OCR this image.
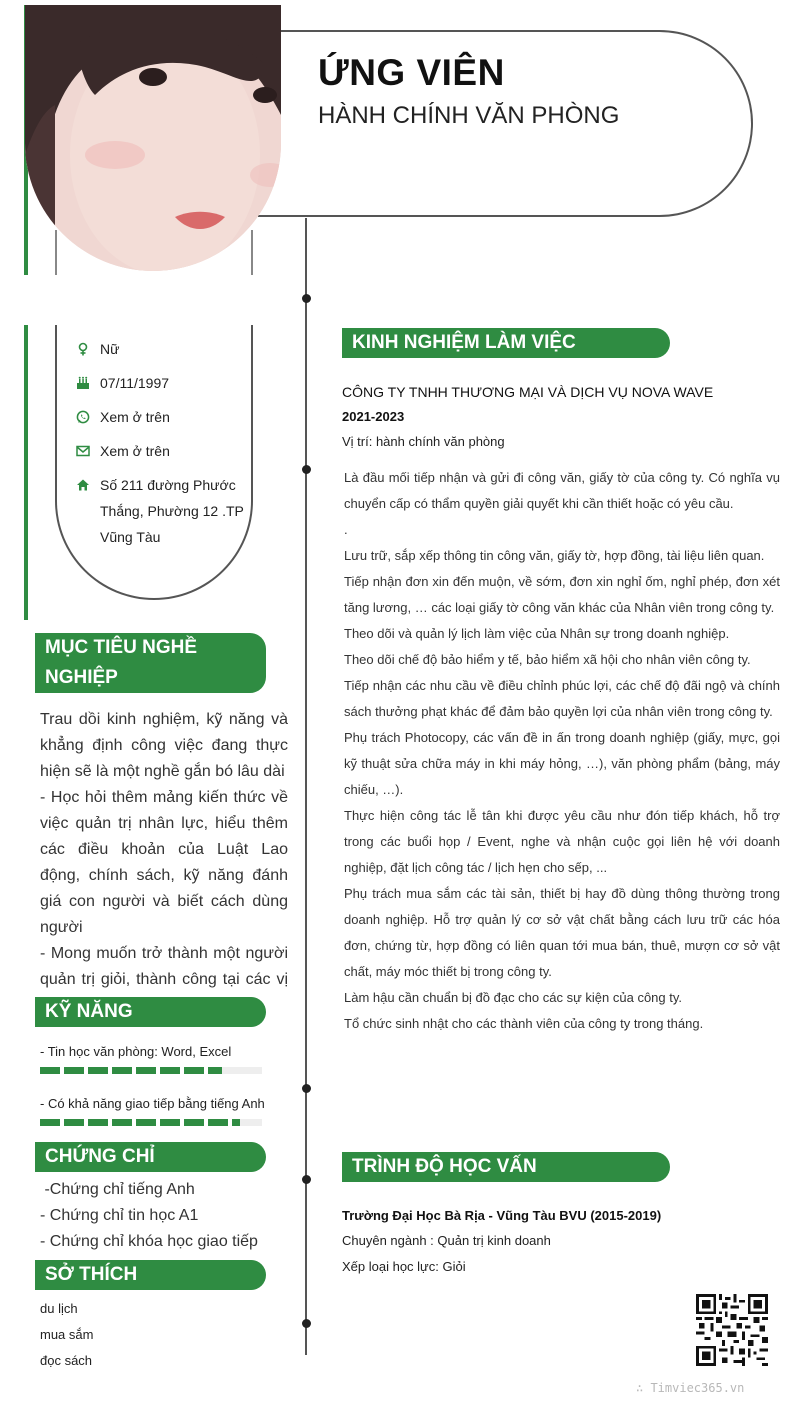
ỨNG VIÊN
HÀNH CHÍNH VĂN PHÒNG
Nữ
07/11/1997
Xem ở trên
Xem ở trên
Số 211 đường Phước Thắng, Phường 12 .TP Vũng Tàu
MỤC TIÊU NGHỀ NGHIỆP
Trau dồi kinh nghiệm, kỹ năng và khẳng định công việc đang thực hiện sẽ là một nghề gắn bó lâu dài
- Học hỏi thêm mảng kiến thức về việc quản trị nhân lực, hiểu thêm các điều khoản của Luật Lao động, chính sách, kỹ năng đánh giá con người và biết cách dùng người
- Mong muốn trở thành một người quản trị giỏi, thành công tại các vị
KỸ NĂNG
- Tin học văn phòng: Word, Excel
- Có khả năng giao tiếp bằng tiếng Anh
CHỨNG CHỈ
-Chứng chỉ tiếng Anh
- Chứng chỉ tin học A1
- Chứng chỉ khóa học giao tiếp
SỞ THÍCH
du lịch
mua sắm
đọc sách
KINH NGHIỆM LÀM VIỆC
CÔNG TY TNHH THƯƠNG MẠI VÀ DỊCH VỤ NOVA WAVE
2021-2023
Vị trí: hành chính văn phòng
Là đầu mối tiếp nhận và gửi đi công văn, giấy tờ của công ty. Có nghĩa vụ chuyển cấp có thẩm quyền giải quyết khi cần thiết hoặc có yêu cầu.
.
Lưu trữ, sắp xếp thông tin công văn, giấy tờ, hợp đồng, tài liệu liên quan.
Tiếp nhận đơn xin đến muộn, về sớm, đơn xin nghỉ ốm, nghỉ phép, đơn xét tăng lương, … các loại giấy tờ công văn khác của Nhân viên trong công ty.
Theo dõi và quản lý lịch làm việc của Nhân sự trong doanh nghiệp.
Theo dõi chế độ bảo hiểm y tế, bảo hiểm xã hội cho nhân viên công ty.
Tiếp nhận các nhu cầu về điều chỉnh phúc lợi, các chế độ đãi ngộ và chính sách thưởng phạt khác để đảm bảo quyền lợi của nhân viên trong công ty.
Phụ trách Photocopy, các vấn đề in ấn trong doanh nghiệp (giấy, mực, gọi kỹ thuật sửa chữa máy in khi máy hỏng, …), văn phòng phẩm (bảng, máy chiếu, …).
Thực hiện công tác lễ tân khi được yêu cầu như đón tiếp khách, hỗ trợ trong các buổi họp / Event, nghe và nhận cuộc gọi liên hệ với doanh nghiệp, đặt lịch công tác / lịch hẹn cho sếp, ...
Phụ trách mua sắm các tài sản, thiết bị hay đồ dùng thông thường trong doanh nghiệp. Hỗ trợ quản lý cơ sở vật chất bằng cách lưu trữ các hóa đơn, chứng từ, hợp đồng có liên quan tới mua bán, thuê, mượn cơ sở vật chất, máy móc thiết bị trong công ty.
Làm hậu cần chuẩn bị đồ đạc cho các sự kiện của công ty.
Tổ chức sinh nhật cho các thành viên của công ty trong tháng.
TRÌNH ĐỘ HỌC VẤN
Trường Đại Học Bà Rịa - Vũng Tàu BVU (2015-2019)
Chuyên ngành : Quản trị kinh doanh
Xếp loại học lực: Giỏi
∴ Timviec365.vn
